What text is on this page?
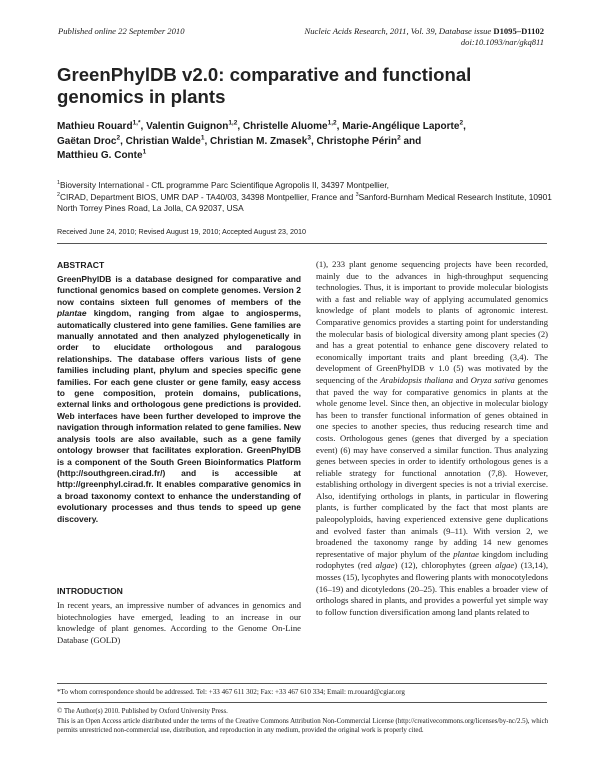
Published online 22 September 2010	Nucleic Acids Research, 2011, Vol. 39, Database issue D1095–D1102
doi:10.1093/nar/gkq811
GreenPhylDB v2.0: comparative and functional
genomics in plants
Mathieu Rouard$^{1,*}$, Valentin Guignon$^{1,2}$, Christelle Aluome$^{1,2}$, Marie-Angélique Laporte$^2$,
Gaëtan Droc$^2$, Christian Walde$^1$, Christian M. Zmasek$^3$, Christophe Périn$^2$ and
Matthieu G. Conte$^1$
$^1$Bioversity International - CfL programme Parc Scientifique Agropolis II, 34397 Montpellier,
$^2$CIRAD, Department BIOS, UMR DAP - TA40/03, 34398 Montpellier, France and $^3$Sanford-Burnham Medical Research Institute, 10901 North Torrey Pines Road, La Jolla, CA 92037, USA
Received June 24, 2010; Revised August 19, 2010; Accepted August 23, 2010
ABSTRACT
GreenPhylDB is a database designed for comparative and functional genomics based on complete genomes. Version 2 now contains sixteen full genomes of members of the plantae kingdom, ranging from algae to angiosperms, automatically clustered into gene families. Gene families are manually annotated and then analyzed phylogenetically in order to elucidate orthologous and paralogous relationships. The database offers various lists of gene families including plant, phylum and species specific gene families. For each gene cluster or gene family, easy access to gene composition, protein domains, publications, external links and orthologous gene predictions is provided. Web interfaces have been further developed to improve the navigation through information related to gene families. New analysis tools are also available, such as a gene family ontology browser that facilitates exploration. GreenPhylDB is a component of the South Green Bioinformatics Platform (http://southgreen.cirad.fr/) and is accessible at http://greenphyl.cirad.fr. It enables comparative genomics in a broad taxonomy context to enhance the understanding of evolutionary processes and thus tends to speed up gene discovery.
INTRODUCTION
In recent years, an impressive number of advances in genomics and biotechnologies have emerged, leading to an increase in our knowledge of plant genomes. According to the Genome On-Line Database (GOLD)
(1), 233 plant genome sequencing projects have been recorded, mainly due to the advances in high-throughput sequencing technologies. Thus, it is important to provide molecular biologists with a fast and reliable way of applying accumulated genomics knowledge of plant models to plants of agronomic interest. Comparative genomics provides a starting point for understanding the molecular basis of biological diversity among plant species (2) and has a great potential to enhance gene discovery related to economically important traits and plant breeding (3,4). The development of GreenPhylDB v 1.0 (5) was motivated by the sequencing of the Arabidopsis thaliana and Oryza sativa genomes that paved the way for comparative genomics in plants at the whole genome level. Since then, an objective in molecular biology has been to transfer functional information of genes obtained in one species to another species, thus reducing research time and costs. Orthologous genes (genes that diverged by a speciation event) (6) may have conserved a similar function. Thus analyzing genes between species in order to identify orthologous genes is a reliable strategy for functional annotation (7,8). However, establishing orthology in divergent species is not a trivial exercise. Also, identifying orthologs in plants, in particular in flowering plants, is further complicated by the fact that most plants are paleopolyploids, having experienced extensive gene duplications and evolved faster than animals (9–11). With version 2, we broadened the taxonomy range by adding 14 new genomes representative of major phylum of the plantae kingdom including rodophytes (red algae) (12), chlorophytes (green algae) (13,14), mosses (15), lycophytes and flowering plants with monocotyledons (16–19) and dicotyledons (20–25). This enables a broader view of orthologs shared in plants, and provides a powerful yet simple way to follow function diversification among land plants related to
*To whom correspondence should be addressed. Tel: +33 467 611 302; Fax: +33 467 610 334; Email: m.rouard@cgiar.org
© The Author(s) 2010. Published by Oxford University Press.
This is an Open Access article distributed under the terms of the Creative Commons Attribution Non-Commercial License (http://creativecommons.org/licenses/by-nc/2.5), which permits unrestricted non-commercial use, distribution, and reproduction in any medium, provided the original work is properly cited.
